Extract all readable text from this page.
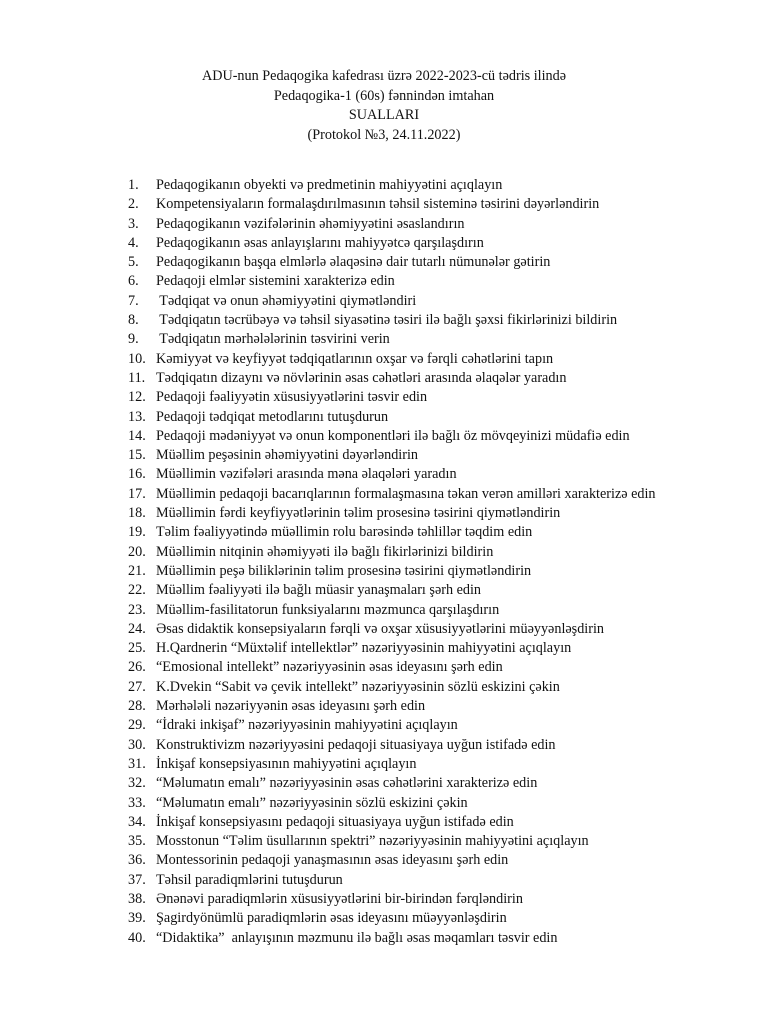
ADU-nun Pedaqogika kafedrası üzrə 2022-2023-cü tədris ilində
Pedaqogika-1 (60s) fənnindən imtahan
SUALLARI
(Protokol №3, 24.11.2022)
1. Pedaqogikanın obyekti və predmetinin mahiyyətini açıqlayın
2. Kompetensiyaların formalaşdırılmasının təhsil sisteminə təsirini dəyərləndirin
3. Pedaqogikanın vəzifələrinin əhəmiyyətini əsaslandırın
4. Pedaqogikanın əsas anlayışlarını mahiyyətcə qarşılaşdırın
5. Pedaqogikanın başqa elmlərlə əlaqəsinə dair tutarlı nümunələr gətirin
6. Pedaqoji elmlər sistemini xarakterizə edin
7. Tədqiqat və onun əhəmiyyətini qiymətləndiri
8. Tədqiqatın təcrübəyə və təhsil siyasətinə təsiri ilə bağlı şəxsi fikirlərinizi bildirin
9. Tədqiqatın mərhələlərinin təsvirini verin
10. Kəmiyyət və keyfiyyət tədqiqatlarının oxşar və fərqli cəhətlərini tapın
11. Tədqiqatın dizaynı və növlərinin əsas cəhətləri arasında əlaqələr yaradın
12. Pedaqoji fəaliyyətin xüsusiyyətlərini təsvir edin
13. Pedaqoji tədqiqat metodlarını tutuşdurun
14. Pedaqoji mədəniyyət və onun komponentləri ilə bağlı öz mövqeyinizi müdafiə edin
15. Müəllim peşəsinin əhəmiyyətini dəyərləndirin
16. Müəllimin vəzifələri arasında məna əlaqələri yaradın
17. Müəllimin pedaqoji bacarıqlarının formalaşmasına təkan verən amilləri xarakterizə edin
18. Müəllimin fərdi keyfiyyətlərinin təlim prosesinə təsirini qiymətləndirin
19. Təlim fəaliyyətində müəllimin rolu barəsində təhlillər təqdim edin
20. Müəllimin nitqinin əhəmiyyəti ilə bağlı fikirlərinizi bildirin
21. Müəllimin peşə biliklərinin təlim prosesinə təsirini qiymətləndirin
22. Müəllim fəaliyyəti ilə bağlı müasir yanaşmaları şərh edin
23. Müəllim-fasilitatorun funksiyalarını məzmunca qarşılaşdırın
24. Əsas didaktik konsepsiyaların fərqli və oxşar xüsusiyyətlərini müəyyənləşdirin
25. H.Qardnerin “Müxtəlif intellektlər” nəzəriyyəsinin mahiyyətini açıqlayın
26. “Emosional intellekt” nəzəriyyəsinin əsas ideyasını şərh edin
27. K.Dvekin “Sabit və çevik intellekt” nəzəriyyəsinin sözlü eskizini çəkin
28. Mərhələli nəzəriyyənin əsas ideyasını şərh edin
29. “İdraki inkişaf” nəzəriyyəsinin mahiyyətini açıqlayın
30. Konstruktivizm nəzəriyyəsini pedaqoji situasiyaya uyğun istifadə edin
31. İnkişaf konsepsiyasının mahiyyətini açıqlayın
32. “Məlumatın emalı” nəzəriyyəsinin əsas cəhətlərini xarakterizə edin
33. “Məlumatın emalı” nəzəriyyəsinin sözlü eskizini çəkin
34. İnkişaf konsepsiyasını pedaqoji situasiyaya uyğun istifadə edin
35. Mosstonun “Təlim üsullarının spektri” nəzəriyyəsinin mahiyyətini açıqlayın
36. Montessorinin pedaqoji yanaşmasının əsas ideyasını şərh edin
37. Təhsil paradiqmlərini tutuşdurun
38. Ənənəvi paradiqmlərin xüsusiyyətlərini bir-birindən fərqləndirin
39. Şagirdyönümlü paradiqmlərin əsas ideyasını müəyyənləşdirin
40. “Didaktika”  anlayışının məzmunu ilə bağlı əsas məqamları təsvir edin
